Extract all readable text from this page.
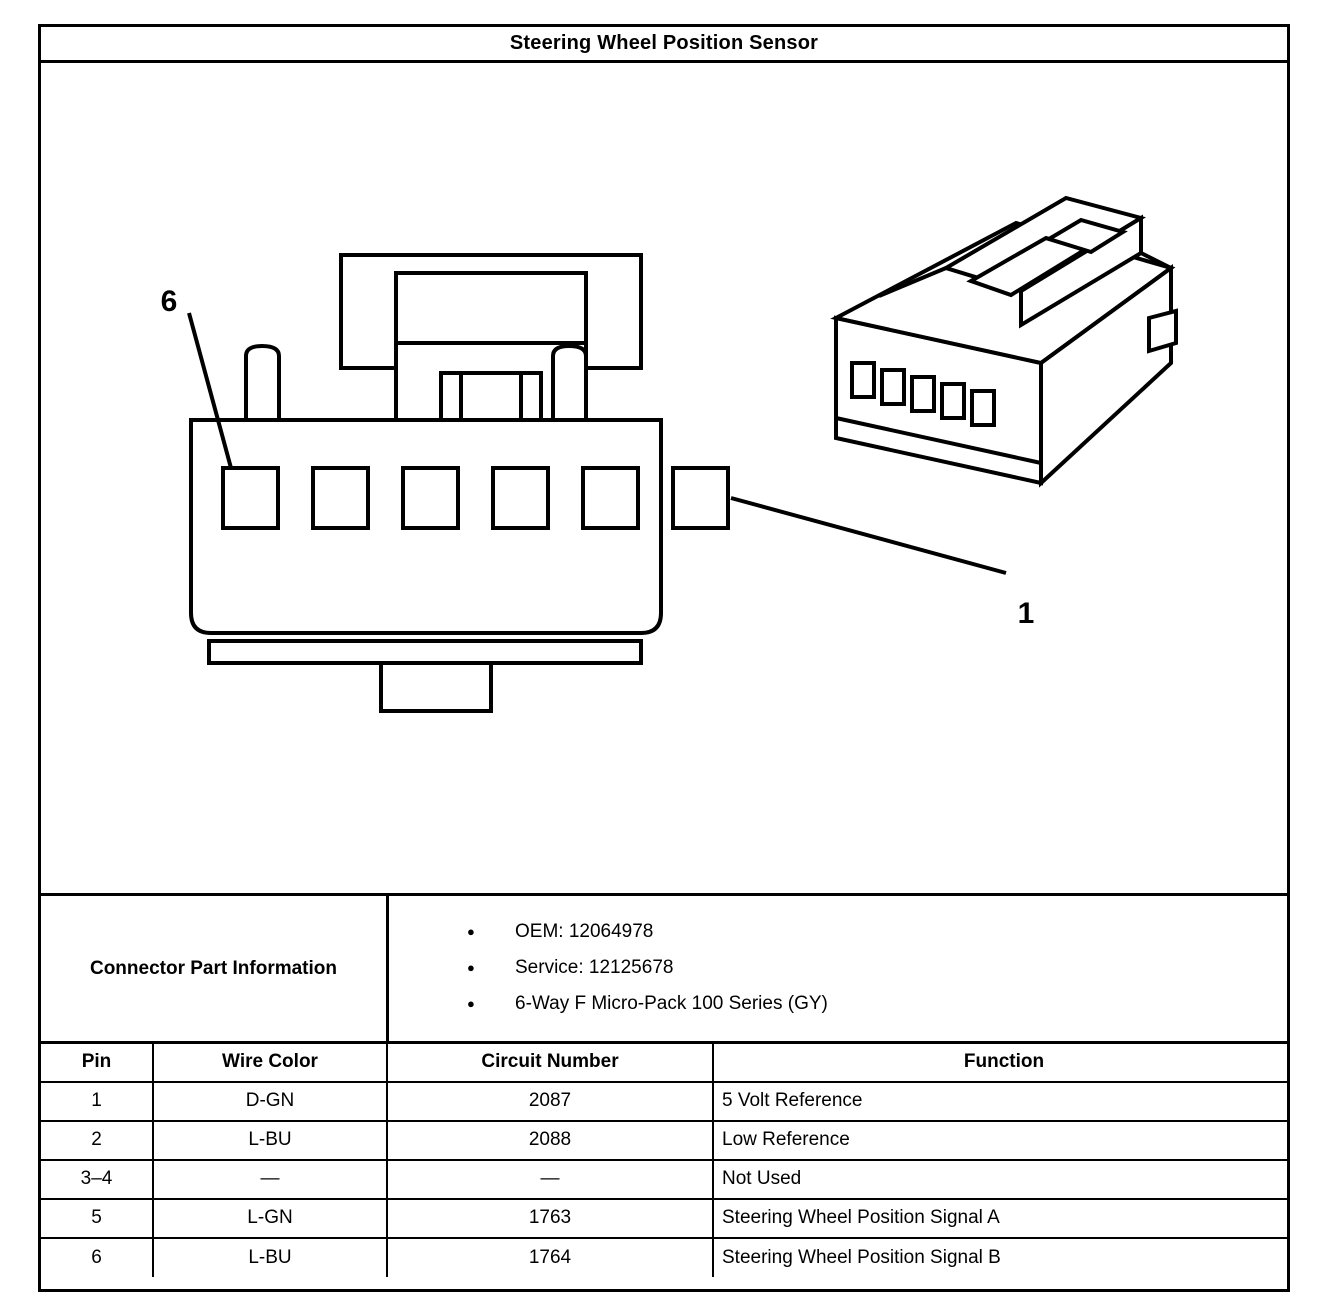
Steering Wheel Position Sensor
6
1
Connector Part Information
● OEM: 12064978
● Service: 12125678
● 6-Way F Micro-Pack 100 Series (GY)
Pin	Wire Color	Circuit Number	Function
1	D-GN	2087	5 Volt Reference
2	L-BU	2088	Low Reference
3–4	—	—	Not Used
5	L-GN	1763	Steering Wheel Position Signal A
6	L-BU	1764	Steering Wheel Position Signal B
